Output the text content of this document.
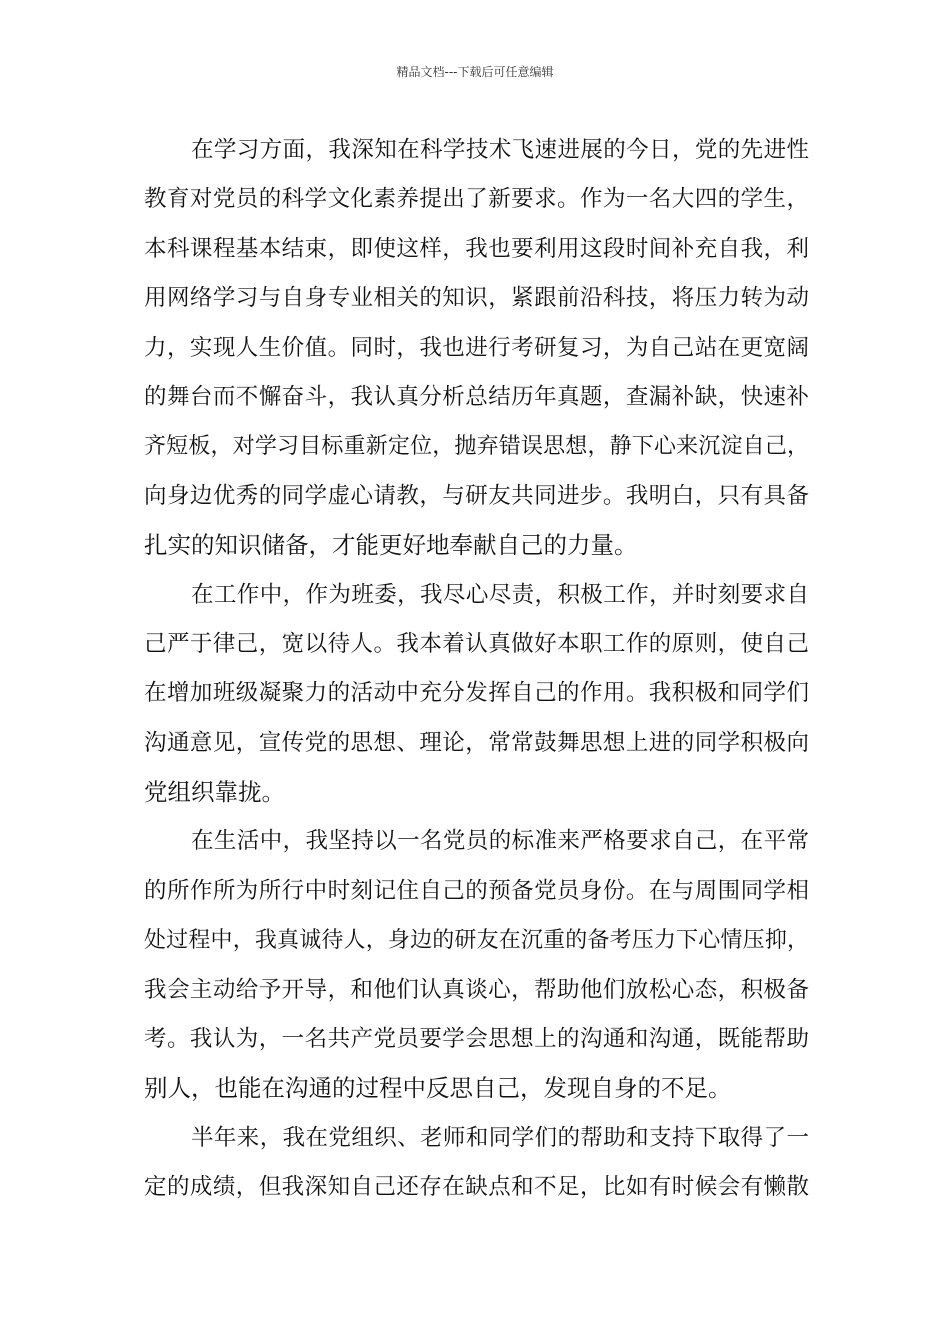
精品文档---下载后可任意编辑
在学习方面，我深知在科学技术飞速进展的今日，党的先进性
教育对党员的科学文化素养提出了新要求。作为一名大四的学生，
本科课程基本结束，即使这样，我也要利用这段时间补充自我，利
用网络学习与自身专业相关的知识，紧跟前沿科技，将压力转为动
力，实现人生价值。同时，我也进行考研复习，为自己站在更宽阔
的舞台而不懈奋斗，我认真分析总结历年真题，查漏补缺，快速补
齐短板，对学习目标重新定位，抛弃错误思想，静下心来沉淀自己，
向身边优秀的同学虚心请教，与研友共同进步。我明白，只有具备
扎实的知识储备，才能更好地奉献自己的力量。
在工作中，作为班委，我尽心尽责，积极工作，并时刻要求自
己严于律己，宽以待人。我本着认真做好本职工作的原则，使自己
在增加班级凝聚力的活动中充分发挥自己的作用。我积极和同学们
沟通意见，宣传党的思想、理论，常常鼓舞思想上进的同学积极向
党组织靠拢。
在生活中，我坚持以一名党员的标准来严格要求自己，在平常
的所作所为所行中时刻记住自己的预备党员身份。在与周围同学相
处过程中，我真诚待人，身边的研友在沉重的备考压力下心情压抑，
我会主动给予开导，和他们认真谈心，帮助他们放松心态，积极备
考。我认为，一名共产党员要学会思想上的沟通和沟通，既能帮助
别人，也能在沟通的过程中反思自己，发现自身的不足。
半年来，我在党组织、老师和同学们的帮助和支持下取得了一
定的成绩，但我深知自己还存在缺点和不足，比如有时候会有懒散
